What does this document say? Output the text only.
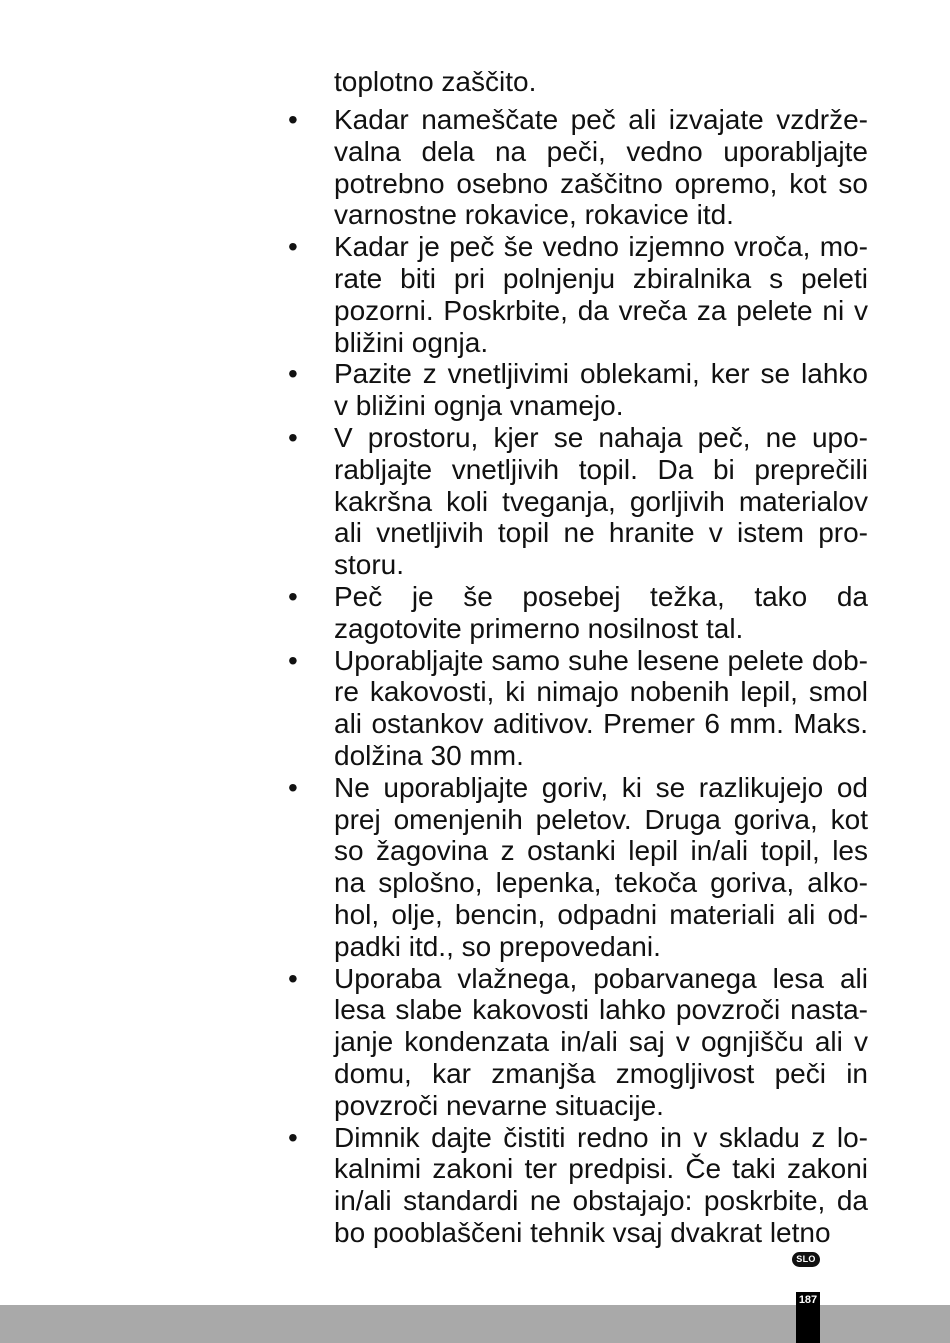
toplotno zaščito.

• Kadar nameščate peč ali izvajate vzdrže-valna dela na peči, vedno uporabljajte potrebno osebno zaščitno opremo, kot so varnostne rokavice, rokavice itd.
• Kadar je peč še vedno izjemno vroča, mo-rate biti pri polnjenju zbiralnika s peleti pozorni. Poskrbite, da vreča za pelete ni v bližini ognja.
• Pazite z vnetljivimi oblekami, ker se lahko v bližini ognja vnamejo.
• V prostoru, kjer se nahaja peč, ne upo-rabljajte vnetljivih topil. Da bi preprečili kakršna koli tveganja, gorljivih materialov ali vnetljivih topil ne hranite v istem pro-storu.
• Peč je še posebej težka, tako da zagotovite primerno nosilnost tal.
• Uporabljajte samo suhe lesene pelete dob-re kakovosti, ki nimajo nobenih lepil, smol ali ostankov aditivov. Premer 6 mm. Maks. dolžina 30 mm.
• Ne uporabljajte goriv, ki se razlikujejo od prej omenjenih peletov. Druga goriva, kot so žagovina z ostanki lepil in/ali topil, les na splošno, lepenka, tekoča goriva, alko-hol, olje, bencin, odpadni materiali ali od-padki itd., so prepovedani.
• Uporaba vlažnega, pobarvanega lesa ali lesa slabe kakovosti lahko povzroči nasta-janje kondenzata in/ali saj v ognjišču ali v domu, kar zmanjša zmogljivost peči in povzroči nevarne situacije.
• Dimnik dajte čistiti redno in v skladu z lo-kalnimi zakoni ter predpisi. Če taki zakoni in/ali standardi ne obstajajo: poskrbite, da bo pooblaščeni tehnik vsaj dvakrat letno
SLO
187
